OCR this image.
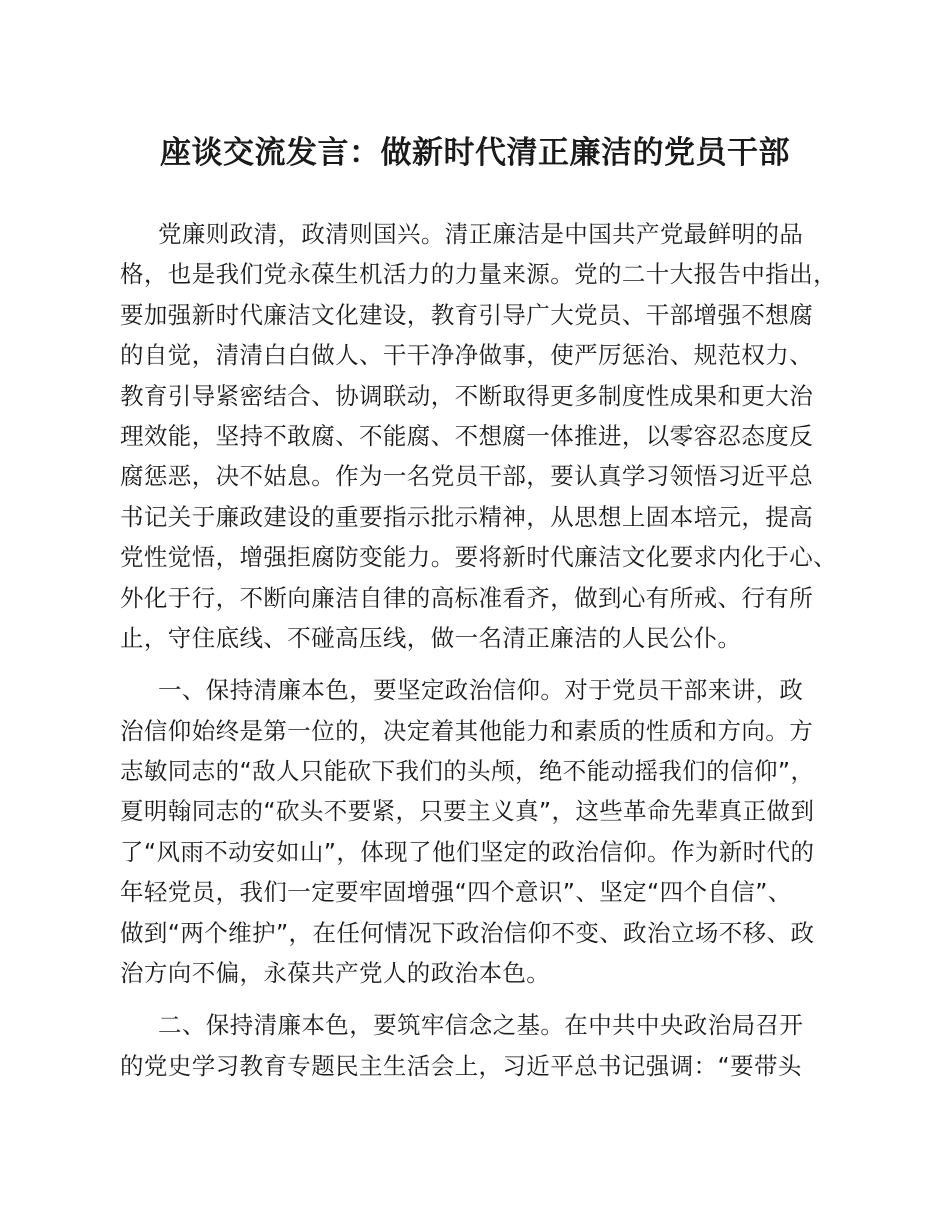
座谈交流发言：做新时代清正廉洁的党员干部
党廉则政清，政清则国兴。清正廉洁是中国共产党最鲜明的品
格，也是我们党永葆生机活力的力量来源。党的二十大报告中指出，
要加强新时代廉洁文化建设，教育引导广大党员、干部增强不想腐
的自觉，清清白白做人、干干净净做事，使严厉惩治、规范权力、
教育引导紧密结合、协调联动，不断取得更多制度性成果和更大治
理效能，坚持不敢腐、不能腐、不想腐一体推进，以零容忍态度反
腐惩恶，决不姑息。作为一名党员干部，要认真学习领悟习近平总
书记关于廉政建设的重要指示批示精神，从思想上固本培元，提高
党性觉悟，增强拒腐防变能力。要将新时代廉洁文化要求内化于心、
外化于行，不断向廉洁自律的高标准看齐，做到心有所戒、行有所
止，守住底线、不碰高压线，做一名清正廉洁的人民公仆。
一、保持清廉本色，要坚定政治信仰。对于党员干部来讲，政
治信仰始终是第一位的，决定着其他能力和素质的性质和方向。方
志敏同志的“敌人只能砍下我们的头颅，绝不能动摇我们的信仰”，
夏明翰同志的“砍头不要紧，只要主义真”，这些革命先辈真正做到
了“风雨不动安如山”，体现了他们坚定的政治信仰。作为新时代的
年轻党员，我们一定要牢固增强“四个意识”、坚定“四个自信”、
做到“两个维护”，在任何情况下政治信仰不变、政治立场不移、政
治方向不偏，永葆共产党人的政治本色。
二、保持清廉本色，要筑牢信念之基。在中共中央政治局召开
的党史学习教育专题民主生活会上，习近平总书记强调：“要带头
